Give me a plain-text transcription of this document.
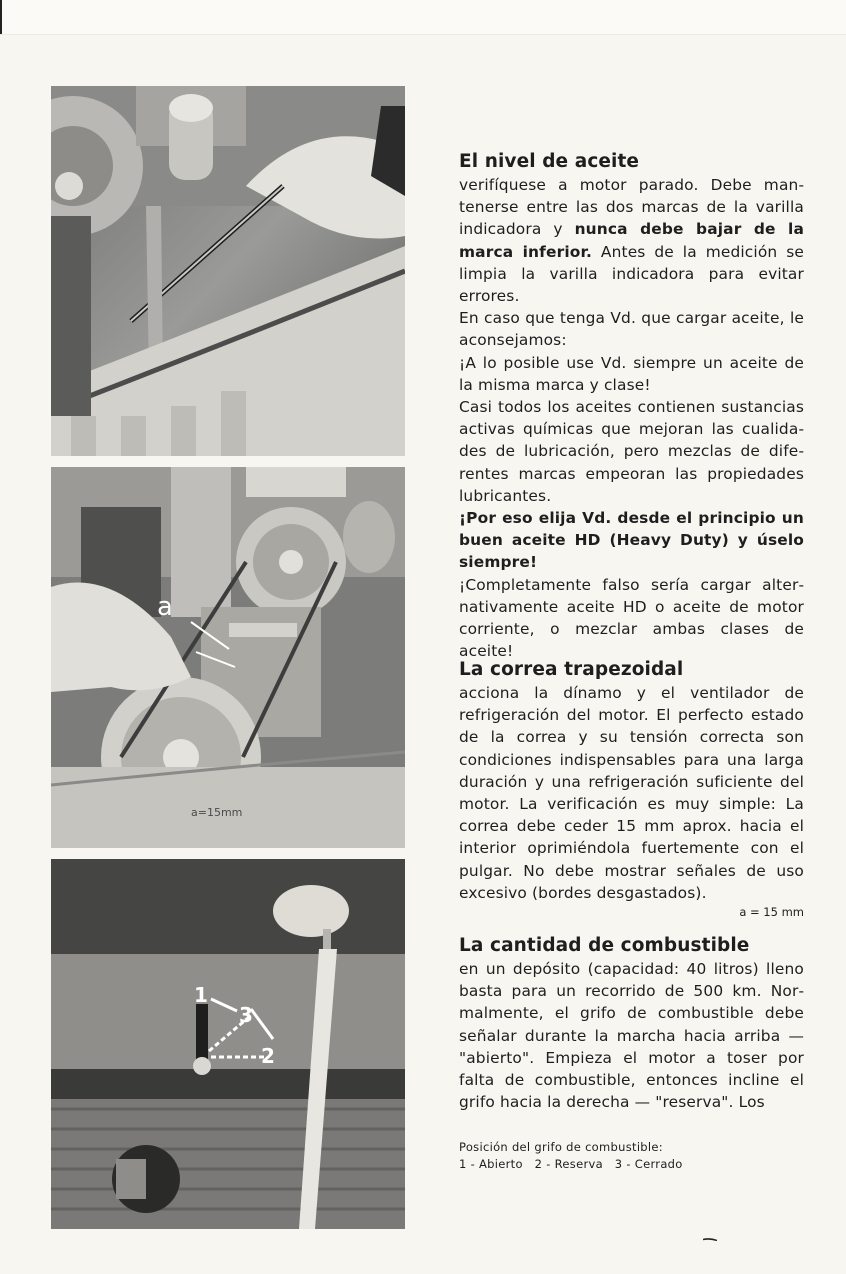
a
a=15mm
1
3
2
El nivel de aceite

verifíquese a motor parado. Debe mantenerse entre las dos marcas de la varilla indicadora y nunca debe bajar de la marca inferior. Antes de la medición se limpia la varilla indicadora para evitar errores.

En caso que tenga Vd. que cargar aceite, le aconsejamos:

¡A lo posible use Vd. siempre un aceite de la misma marca y clase!

Casi todos los aceites contienen sustancias activas químicas que mejoran las cualidades de lubricación, pero mezclas de diferentes marcas empeoran las propiedades lubricantes.

¡Por eso elija Vd. desde el principio un buen aceite HD (Heavy Duty) y úselo siempre!

¡Completamente falso sería cargar alternativamente aceite HD o aceite de motor corriente, o mezclar ambas clases de aceite!

La correa trapezoidal

acciona la dínamo y el ventilador de refrigeración del motor. El perfecto estado de la correa y su tensión correcta son condiciones indispensables para una larga duración y una refrigeración suficiente del motor. La verificación es muy simple: La correa debe ceder 15 mm aprox. hacia el interior oprimiéndola fuertemente con el pulgar. No debe mostrar señales de uso excesivo (bordes desgastados).

a = 15 mm
La cantidad de combustible

en un depósito (capacidad: 40 litros) lleno basta para un recorrido de 500 km. Normalmente, el grifo de combustible debe señalar durante la marcha hacia arriba — "abierto". Empieza el motor a toser por falta de combustible, entonces incline el grifo hacia la derecha — "reserva". Los

Posición del grifo de combustible:
1 - Abierto   2 - Reserva   3 - Cerrado
